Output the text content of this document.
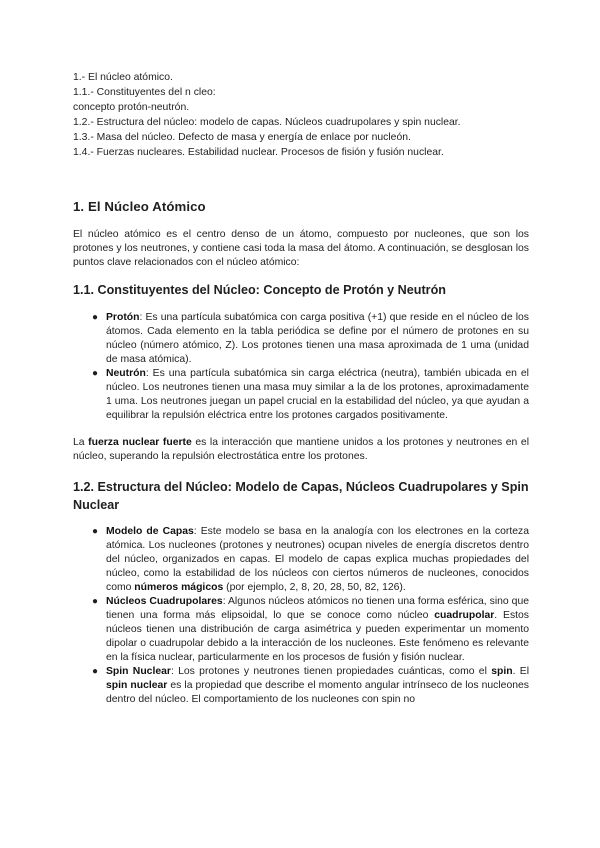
1.- El núcleo atómico.
1.1.- Constituyentes del n cleo:
concepto protón-neutrón.
1.2.- Estructura del núcleo: modelo de capas. Núcleos cuadrupolares y spin nuclear.
1.3.- Masa del núcleo. Defecto de masa y energía de enlace por nucleón.
1.4.- Fuerzas nucleares. Estabilidad nuclear. Procesos de fisión y fusión nuclear.
1. El Núcleo Atómico

El núcleo atómico es el centro denso de un átomo, compuesto por nucleones, que son los protones y los neutrones, y contiene casi toda la masa del átomo. A continuación, se desglosan los puntos clave relacionados con el núcleo atómico:

1.1. Constituyentes del Núcleo: Concepto de Protón y Neutrón
● Protón: Es una partícula subatómica con carga positiva (+1) que reside en el núcleo de los átomos. Cada elemento en la tabla periódica se define por el número de protones en su núcleo (número atómico, Z). Los protones tienen una masa aproximada de 1 uma (unidad de masa atómica).
● Neutrón: Es una partícula subatómica sin carga eléctrica (neutra), también ubicada en el núcleo. Los neutrones tienen una masa muy similar a la de los protones, aproximadamente 1 uma. Los neutrones juegan un papel crucial en la estabilidad del núcleo, ya que ayudan a equilibrar la repulsión eléctrica entre los protones cargados positivamente.

La fuerza nuclear fuerte es la interacción que mantiene unidos a los protones y neutrones en el núcleo, superando la repulsión electrostática entre los protones.

1.2. Estructura del Núcleo: Modelo de Capas, Núcleos Cuadrupolares y Spin Nuclear
● Modelo de Capas: Este modelo se basa en la analogía con los electrones en la corteza atómica. Los nucleones (protones y neutrones) ocupan niveles de energía discretos dentro del núcleo, organizados en capas. El modelo de capas explica muchas propiedades del núcleo, como la estabilidad de los núcleos con ciertos números de nucleones, conocidos como números mágicos (por ejemplo, 2, 8, 20, 28, 50, 82, 126).
● Núcleos Cuadrupolares: Algunos núcleos atómicos no tienen una forma esférica, sino que tienen una forma más elipsoidal, lo que se conoce como núcleo cuadrupolar. Estos núcleos tienen una distribución de carga asimétrica y pueden experimentar un momento dipolar o cuadrupolar debido a la interacción de los nucleones. Este fenómeno es relevante en la física nuclear, particularmente en los procesos de fusión y fisión nuclear.
● Spin Nuclear: Los protones y neutrones tienen propiedades cuánticas, como el spin. El spin nuclear es la propiedad que describe el momento angular intrínseco de los nucleones dentro del núcleo. El comportamiento de los nucleones con spin no
